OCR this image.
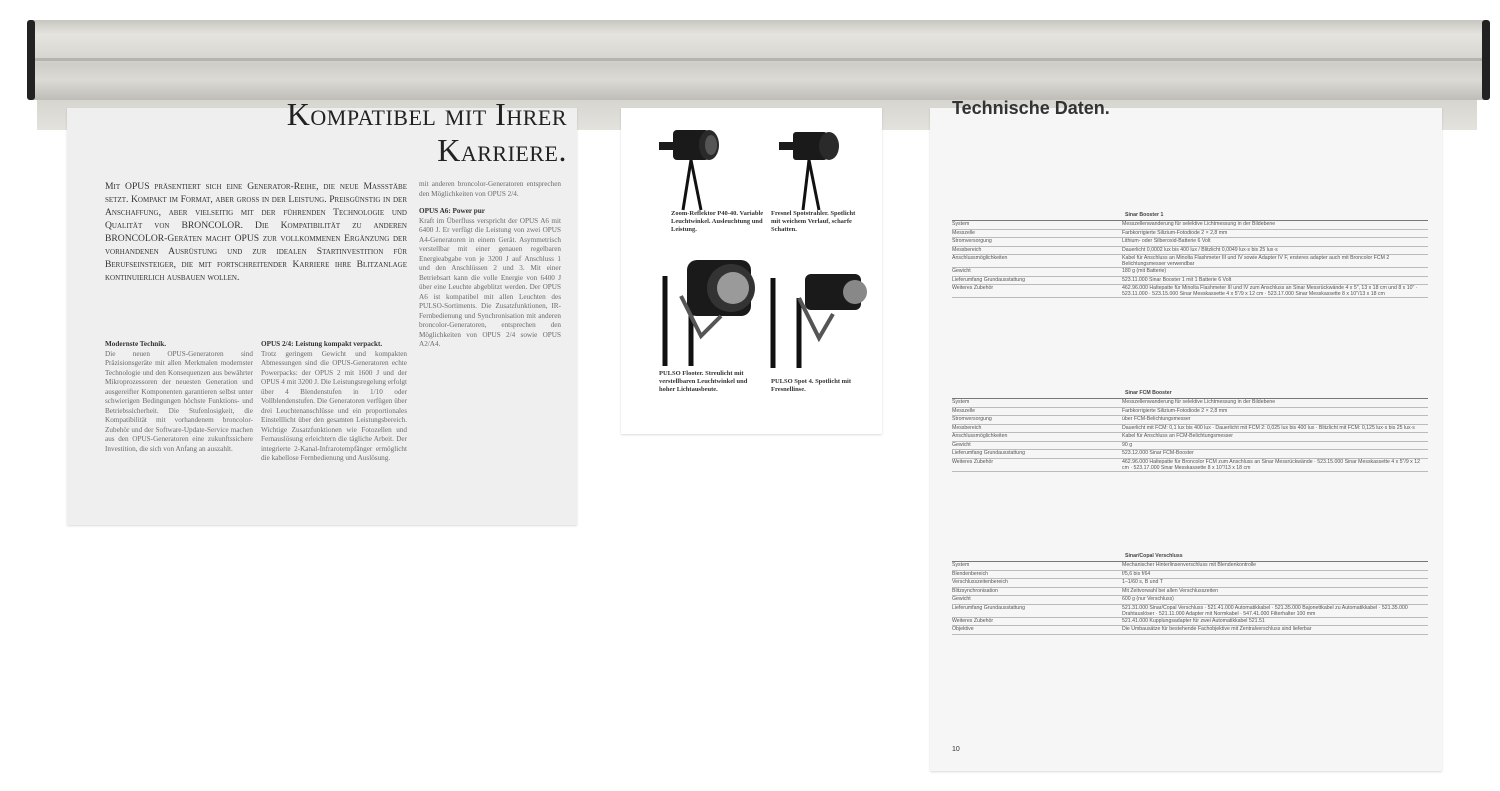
Kompatibel mit Ihrer
Karriere.
Mit OPUS präsentiert sich eine Generator-Reihe, die neue Maßstäbe setzt. Kompakt im Format, aber groß in der Leistung. Preisgünstig in der Anschaffung, aber vielseitig mit der führenden Technologie und Qualität von BRONCOLOR. Die Kompatibilität zu anderen BRONCOLOR-Geräten macht OPUS zur vollkommenen Ergänzung der vorhandenen Ausrüstung und zur idealen Startinvestition für Berufseinsteiger, die mit fortschreitender Karriere ihre Blitzanlage kontinuierlich ausbauen wollen.
Modernste Technik.
Die neuen OPUS-Generatoren sind Präzisionsgeräte mit allen Merkmalen modernster Technologie und den Konsequenzen aus bewährter Mikroprozessoren der neuesten Generation und ausgereifter Komponenten garantieren selbst unter schwierigen Bedingungen höchste Funktions- und Betriebssicherheit. Die Stufenlosigkeit, die Kompatibilität mit vorhandenem broncolor-Zubehör und der Software-Update-Service machen aus den OPUS-Generatoren eine zukunftssichere Investition, die sich von Anfang an auszahlt.
OPUS 2/4: Leistung kompakt verpackt.
Trotz geringem Gewicht und kompakten Abmessungen sind die OPUS-Generatoren echte Powerpacks: der OPUS 2 mit 1600 J und der OPUS 4 mit 3200 J. Die Leistungsregelung erfolgt über 4 Blendenstufen in 1/10 oder Vollblendenstufen. Die Generatoren verfügen über drei Leuchtenanschlüsse und ein proportionales Einstelllicht über den gesamten Leistungsbereich. Wichtige Zusatzfunktionen wie Fotozellen und Fernauslösung erleichtern die tägliche Arbeit. Der integrierte 2-Kanal-Infrarotempfänger ermöglicht die kabellose Fernbedienung und Auslösung.
mit anderen broncolor-Generatoren entsprechen den Möglichkeiten von OPUS 2/4.
OPUS A6: Power pur
Kraft im Überfluss verspricht der OPUS A6 mit 6400 J. Er verfügt die Leistung von zwei OPUS A4-Generatoren in einem Gerät. Asymmetrisch verstellbar mit einer genauen regelbaren Energieabgabe von je 3200 J auf Anschluss 1 und den Anschlüssen 2 und 3. Mit einer Betriebsart kann die volle Energie von 6400 J über eine Leuchte abgeblitzt werden. Der OPUS A6 ist kompatibel mit allen Leuchten des PULSO-Sortiments. Die Zusatzfunktionen, IR-Fernbedienung und Synchronisation mit anderen broncolor-Generatoren, entsprechen den Möglichkeiten von OPUS 2/4 sowie OPUS A2/A4.
Zoom-Reflektor P40-40. Variable Leuchtwinkel. Ausleuchtung und Leistung.
Fresnel Spotstrahler. Spotlicht mit weichem Verlauf, scharfe Schatten.
PULSO Flooter. Streulicht mit verstellbaren Leuchtwinkel und hoher Lichtausbeute.
PULSO Spot 4. Spotlicht mit Fresnellinse.
Technische Daten.
Sinar Booster 1
System	Messzellenwanderung für selektive Lichtmessung in der Bildebene
Messzelle	Farbkorrigierte Silizium-Fotodiode 2 × 2,8 mm
Stromversorgung	Lithium- oder Silberoxid-Batterie 6 Volt
Messbereich	Dauerlicht 0,0002 lux bis 400 lux / Blitzlicht 0,0049 lux·s bis 25 lux·s
Anschlussmöglichkeiten	Kabel für Anschluss an Minolta Flashmeter III und IV sowie Adapter IV F, ersteres adapter auch mit Broncolor FCM 2 Belichtungsmesser verwendbar
Gewicht	180 g (mit Batterie)
Lieferumfang Grundausstattung	523.11.000 Sinar Booster 1 mit 1 Batterie 6 Volt
Weiteres Zubehör	462.96.000 Haltepatte für Minolta Flashmeter III und IV zum Anschluss an Sinar Messrückwände 4 x 5", 13 x 18 cm und 8 x 10" · 523.11.000 · 523.15.000 Sinar Messkassette 4 x 5"/9 x 12 cm · 523.17.000 Sinar Messkassette 8 x 10"/13 x 18 cm
Sinar FCM Booster
System	Messzellenwanderung für selektive Lichtmessung in der Bildebene
Messzelle	Farbkorrigierte Silizium-Fotodiode 2 × 2,8 mm
Stromversorgung	über FCM-Belichtungsmesser
Messbereich	Dauerlicht mit FCM: 0,1 lux bis 400 lux · Dauerlicht mit FCM 2: 0,025 lux bis 400 lux · Blitzlicht mit FCM: 0,125 lux·s bis 25 lux·s
Anschlussmöglichkeiten	Kabel für Anschluss an FCM-Belichtungsmesser
Gewicht	90 g
Lieferumfang Grundausstattung	523.12.000 Sinar FCM-Booster
Weiteres Zubehör	462.96.000 Haltepatte für Broncolor FCM zum Anschluss an Sinar Messrückwände · 523.15.000 Sinar Messkassette 4 x 5"/9 x 12 cm · 523.17.000 Sinar Messkassette 8 x 10"/13 x 18 cm
Sinar/Copal Verschluss
System	Mechanischer Hinterlinsenverschluss mit Blendenkontrolle
Blendenbereich	f/5,6 bis f/64
Verschlusszeitenbereich	1–1/60 s, B und T
Blitzsynchronisation	Mit Zeitvorwahl bei allen Verschlusszeiten
Gewicht	600 g (nur Verschluss)
Lieferumfang Grundausstattung	521.31.000 Sinar/Copal Verschluss · 521.41.000 Automatikkabel · 521.35.000 Bajonettkabel zu Automatikkabel · 521.35.000 Drahtauslöser · 521.11.000 Adapter mit Normkabel · 547.41.000 Filterhalter 100 mm
Weiteres Zubehör	521.41.000 Kupplungsadapter für zwei Automatikkabel 521.51
Objektive	Die Umbausätze für bestehende Fachobjektive mit Zentralverschluss sind lieferbar
10
